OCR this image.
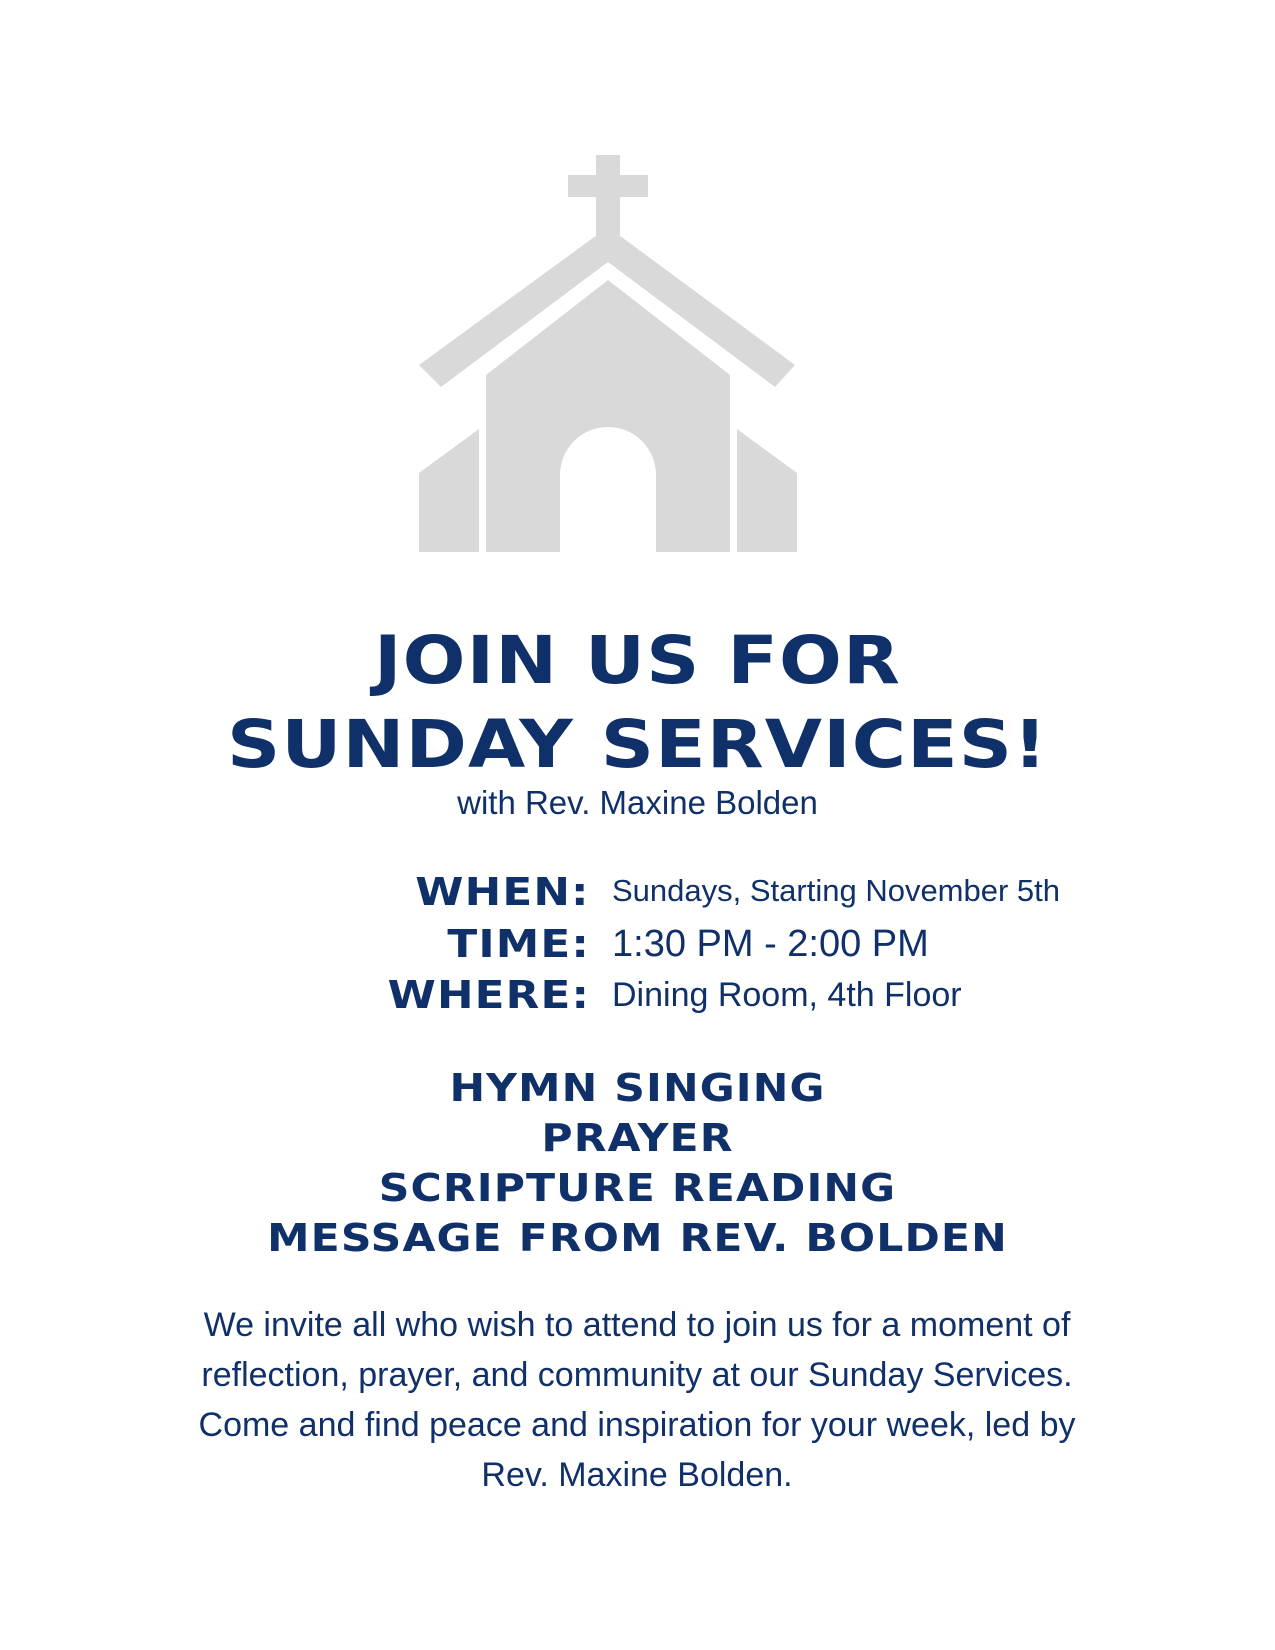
JOIN US FOR
SUNDAY SERVICES!
with Rev. Maxine Bolden
WHEN: Sundays, Starting November 5th
TIME: 1:30 PM - 2:00 PM
WHERE: Dining Room, 4th Floor
HYMN SINGING
PRAYER
SCRIPTURE READING
MESSAGE FROM REV. BOLDEN
We invite all who wish to attend to join us for a moment of reflection, prayer, and community at our Sunday Services. Come and find peace and inspiration for your week, led by Rev. Maxine Bolden.
